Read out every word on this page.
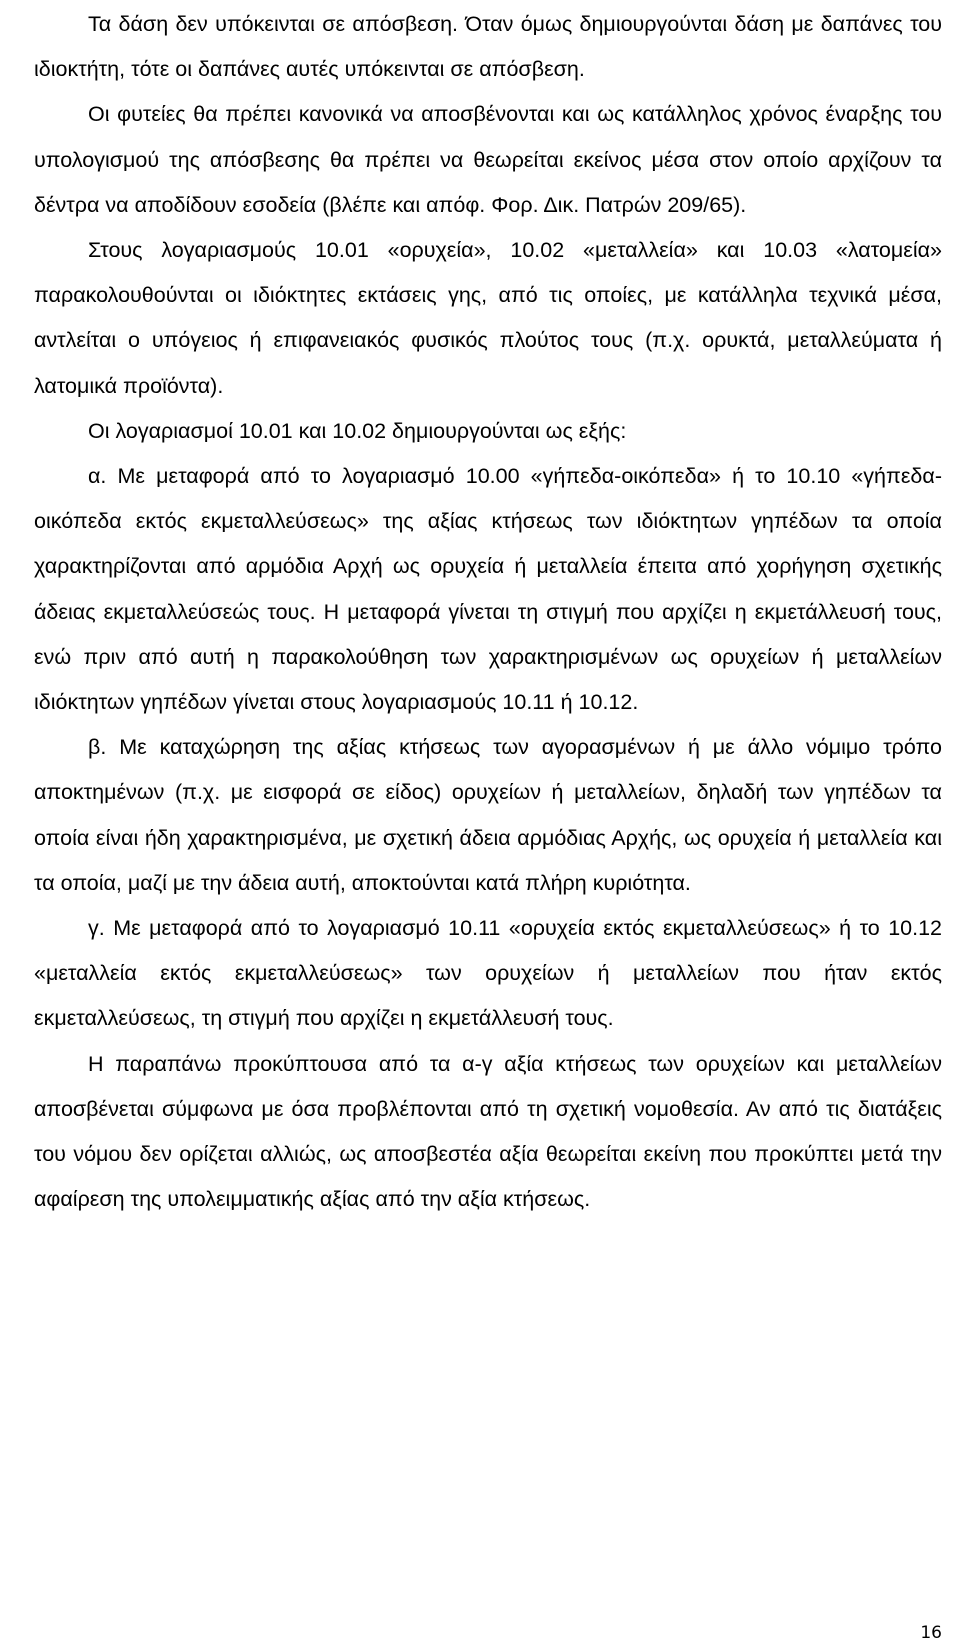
Τα δάση δεν υπόκεινται σε απόσβεση. Όταν όμως δημιουργούνται δάση με δαπάνες του ιδιοκτήτη, τότε οι δαπάνες αυτές υπόκεινται σε απόσβεση.

Οι φυτείες θα πρέπει κανονικά να αποσβένονται και ως κατάλληλος χρόνος έναρξης του υπολογισμού της απόσβεσης θα πρέπει να θεωρείται εκείνος μέσα στον οποίο αρχίζουν τα δέντρα να αποδίδουν εσοδεία (βλέπε και απόφ. Φορ. Δικ. Πατρών 209/65).

Στους λογαριασμούς 10.01 «ορυχεία», 10.02 «μεταλλεία» και 10.03 «λατομεία» παρακολουθούνται οι ιδιόκτητες εκτάσεις γης, από τις οποίες, με κατάλληλα τεχνικά μέσα, αντλείται ο υπόγειος ή επιφανειακός φυσικός πλούτος τους (π.χ. ορυκτά, μεταλλεύματα ή λατομικά προϊόντα).

Οι λογαριασμοί 10.01 και 10.02 δημιουργούνται ως εξής:

α. Με μεταφορά από το λογαριασμό 10.00 «γήπεδα-οικόπεδα» ή το 10.10 «γήπεδα-οικόπεδα εκτός εκμεταλλεύσεως» της αξίας κτήσεως των ιδιόκτητων γηπέδων τα οποία χαρακτηρίζονται από αρμόδια Αρχή ως ορυχεία ή μεταλλεία έπειτα από χορήγηση σχετικής άδειας εκμεταλλεύσεώς τους. Η μεταφορά γίνεται τη στιγμή που αρχίζει η εκμετάλλευσή τους, ενώ πριν από αυτή η παρακολούθηση των χαρακτηρισμένων ως ορυχείων ή μεταλλείων ιδιόκτητων γηπέδων γίνεται στους λογαριασμούς 10.11 ή 10.12.

β. Με καταχώρηση της αξίας κτήσεως των αγορασμένων ή με άλλο νόμιμο τρόπο αποκτημένων (π.χ. με εισφορά σε είδος) ορυχείων ή μεταλλείων, δηλαδή των γηπέδων τα οποία είναι ήδη χαρακτηρισμένα, με σχετική άδεια αρμόδιας Αρχής, ως ορυχεία ή μεταλλεία και τα οποία, μαζί με την άδεια αυτή, αποκτούνται κατά πλήρη κυριότητα.

γ. Με μεταφορά από το λογαριασμό 10.11 «ορυχεία εκτός εκμεταλλεύσεως» ή το 10.12 «μεταλλεία εκτός εκμεταλλεύσεως» των ορυχείων ή μεταλλείων που ήταν εκτός εκμεταλλεύσεως, τη στιγμή που αρχίζει η εκμετάλλευσή τους.

Η παραπάνω προκύπτουσα από τα α-γ αξία κτήσεως των ορυχείων και μεταλλείων αποσβένεται σύμφωνα με όσα προβλέπονται από τη σχετική νομοθεσία. Αν από τις διατάξεις του νόμου δεν ορίζεται αλλιώς, ως αποσβεστέα αξία θεωρείται εκείνη που προκύπτει μετά την αφαίρεση της υπολειμματικής αξίας από την αξία κτήσεως.

16
